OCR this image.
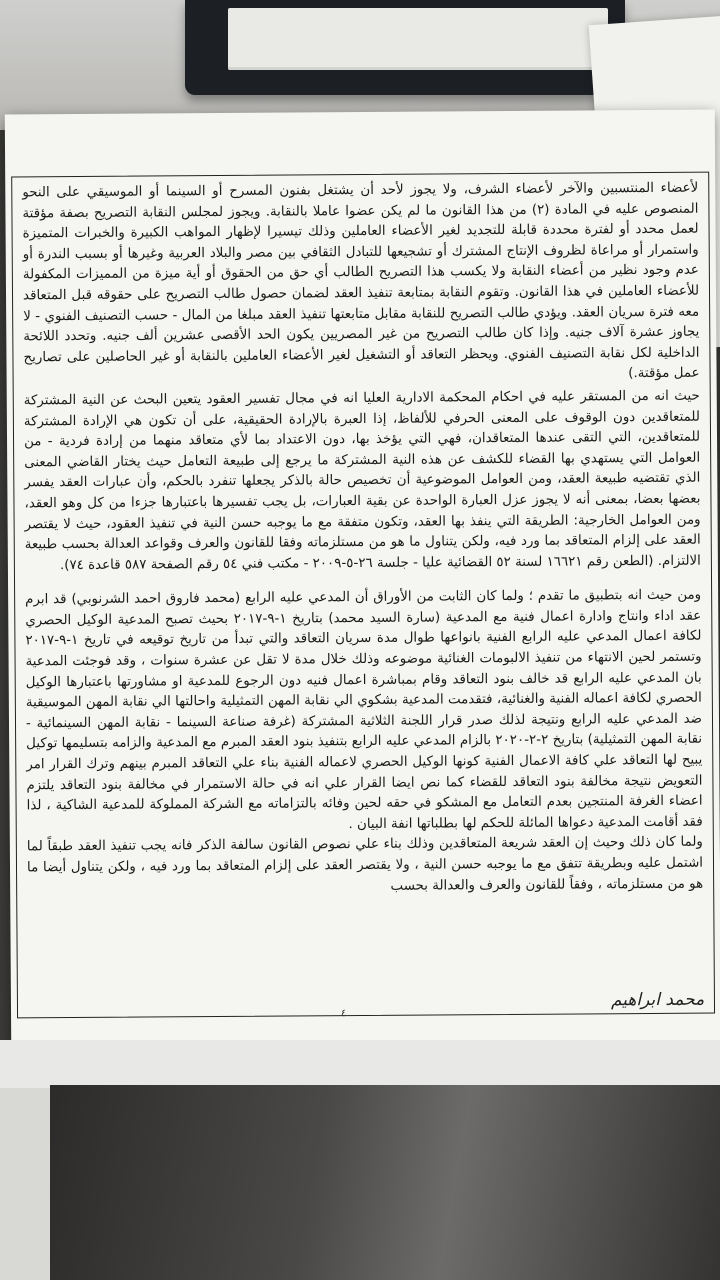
لأعضاء المنتسبين والآخر لأعضاء الشرف، ولا يجوز لأحد أن يشتغل بفنون المسرح أو السينما أو الموسيقي على النحو المنصوص عليه في المادة (٢) من هذا القانون ما لم يكن عضوا عاملا بالنقابة. ويجوز لمجلس النقابة التصريح بصفة مؤقتة لعمل محدد أو لفترة محددة قابلة للتجديد لغير الأعضاء العاملين وذلك تيسيرا لإظهار المواهب الكبيرة والخبرات المتميزة واستمرار أو مراعاة لظروف الإنتاج المشترك أو تشجيعها للتبادل الثقافي بين مصر والبلاد العربية وغيرها أو بسبب الندرة أو عدم وجود نظير من أعضاء النقابة ولا يكسب هذا التصريح الطالب أي حق من الحقوق أو أية ميزة من المميزات المكفولة للأعضاء العاملين في هذا القانون. وتقوم النقابة بمتابعة تنفيذ العقد لضمان حصول طالب التصريح على حقوقه قبل المتعاقد معه فترة سريان العقد. ويؤدي طالب التصريح للنقابة مقابل متابعتها تنفيذ العقد مبلغا من المال - حسب التصنيف الفنوي - لا يجاوز عشرة آلاف جنيه. وإذا كان طالب التصريح من غير المصريين يكون الحد الأقصى عشرين ألف جنيه. وتحدد اللائحة الداخلية لكل نقابة التصنيف الفنوي. ويحظر التعاقد أو التشغيل لغير الأعضاء العاملين بالنقابة أو غير الحاصلين على تصاريح عمل مؤقتة.)

حيث انه من المستقر عليه في احكام المحكمة الادارية العليا انه في مجال تفسير العقود يتعين البحث عن النية المشتركة للمتعاقدين دون الوقوف على المعنى الحرفي للألفاظ، إذا العبرة بالإرادة الحقيقية، على أن تكون هي الإرادة المشتركة للمتعاقدين، التي التقى عندها المتعاقدان، فهي التي يؤخذ بها، دون الاعتداد بما لأي متعاقد منهما من إرادة فردية - من العوامل التي يستهدي بها القضاء للكشف عن هذه النية المشتركة ما يرجع إلى طبيعة التعامل حيث يختار القاضي المعنى الذي تقتضيه طبيعة العقد، ومن العوامل الموضوعية أن تخصيص حالة بالذكر يجعلها تنفرد بالحكم، وأن عبارات العقد يفسر بعضها بعضا، بمعنى أنه لا يجوز عزل العبارة الواحدة عن بقية العبارات، بل يجب تفسيرها باعتبارها جزءا من كل وهو العقد، ومن العوامل الخارجية: الطريقة التي ينفذ بها العقد، وتكون متفقة مع ما يوجبه حسن النية في تنفيذ العقود، حيث لا يقتصر العقد على إلزام المتعاقد بما ورد فيه، ولكن يتناول ما هو من مستلزماته وفقا للقانون والعرف وقواعد العدالة بحسب طبيعة الالتزام. (الطعن رقم ١٦٦٢١ لسنة ٥٢ القضائية عليا - جلسة ٢٦-٥-٢٠٠٩ - مكتب فني ٥٤ رقم الصفحة ٥٨٧ قاعدة ٧٤).

ومن حيث انه بتطبيق ما تقدم ؛ ولما كان الثابت من الأوراق أن المدعي عليه الرابع (محمد فاروق احمد الشرنوبي) قد ابرم عقد اداء وانتاج وادارة اعمال فنية مع المدعية (سارة السيد محمد) بتاريخ ١-٩-٢٠١٧ بحيث تصبح المدعية الوكيل الحصري لكافة اعمال المدعي عليه الرابع الفنية بانواعها طوال مدة سريان التعاقد والتي تبدأ من تاريخ توقيعه في تاريخ ١-٩-٢٠١٧ وتستمر لحين الانتهاء من تنفيذ الالبومات الغنائية موضوعه وذلك خلال مدة لا تقل عن عشرة سنوات ، وقد فوجئت المدعية بان المدعي عليه الرابع قد خالف بنود التعاقد وقام بمباشرة اعمال فنيه دون الرجوع للمدعية او مشاورتها باعتبارها الوكيل الحصري لكافة اعماله الفنية والغنائية، فتقدمت المدعية بشكوي الي نقابة المهن التمثيلية واحالتها الي نقابة المهن الموسيقية ضد المدعي عليه الرابع ونتيجة لذلك صدر قرار اللجنة الثلاثية المشتركة (غرفة صناعة السينما - نقابة المهن السينمائية - نقابة المهن التمثيلية) بتاريخ ٢-٢-٢٠٢٠ بالزام المدعي عليه الرابع بتنفيذ بنود العقد المبرم مع المدعية والزامه بتسليمها توكيل يبيح لها التعاقد علي كافة الاعمال الفنية كونها الوكيل الحصري لاعماله الفنية بناء علي التعاقد المبرم بينهم وترك القرار امر التعويض نتيجة مخالفة بنود التعاقد للقضاء كما نص ايضا القرار علي انه في حالة الاستمرار في مخالفة بنود التعاقد يلتزم اعضاء الغرفة المنتجين بعدم التعامل مع المشكو في حقه لحين وفائه بالتزاماته مع الشركة المملوكة للمدعية الشاكية ، لذا فقد أقامت المدعية دعواها المائلة للحكم لها بطلباتها انفة البيان .

ولما كان ذلك وحيث إن العقد شريعة المتعاقدين وذلك بناء علي نصوص القانون سالفة الذكر فانه يجب تنفيذ العقد طبقاً لما اشتمل عليه وبطريقة تتفق مع ما يوجبه حسن النية ، ولا يقتصر العقد على إلزام المتعاقد بما ورد فيه ، ولكن يتناول أيضا ما هو من مستلزماته ، وفقاً للقانون والعرف والعدالة بحسب

٤
محمد ابراهيم
